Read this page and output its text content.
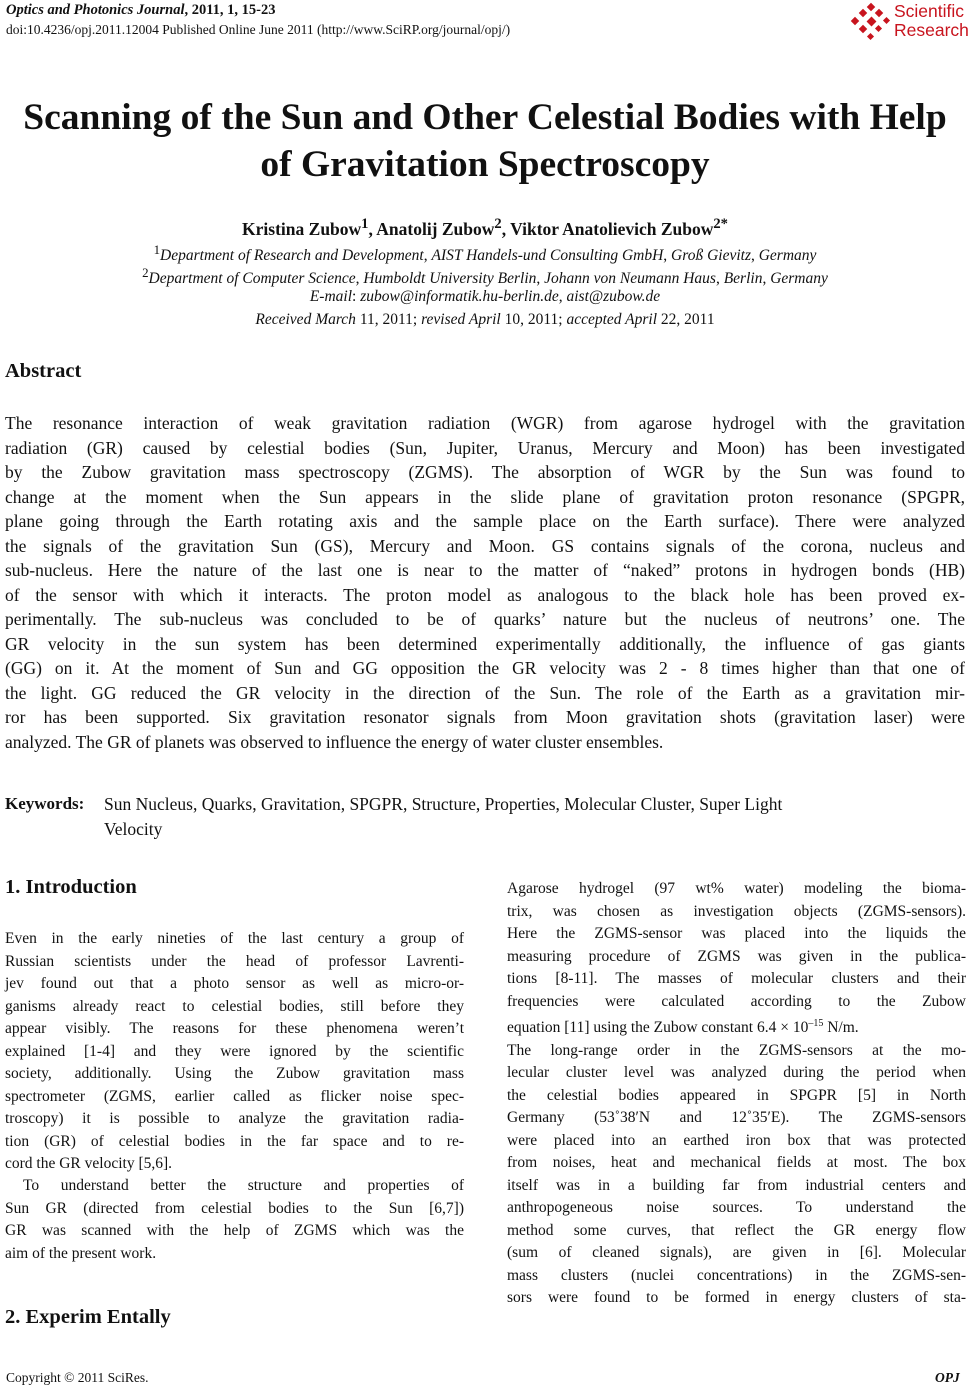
Optics and Photonics Journal, 2011, 1, 15-23
doi:10.4236/opj.2011.12004 Published Online June 2011 (http://www.SciRP.org/journal/opj/)
Scientific
Research
Scanning of the Sun and Other Celestial Bodies with Help
of Gravitation Spectroscopy
Kristina Zubow$^1$, Anatolij Zubow$^2$, Viktor Anatolievich Zubow$^{2*}$
$^1$Department of Research and Development, AIST Handels-und Consulting GmbH, Groß Gievitz, Germany
$^2$Department of Computer Science, Humboldt University Berlin, Johann von Neumann Haus, Berlin, Germany
E-mail: zubow@informatik.hu-berlin.de, aist@zubow.de
Received March 11, 2011; revised April 10, 2011; accepted April 22, 2011
Abstract
The resonance interaction of weak gravitation radiation (WGR) from agarose hydrogel with the gravitation
radiation (GR) caused by celestial bodies (Sun, Jupiter, Uranus, Mercury and Moon) has been investigated
by the Zubow gravitation mass spectroscopy (ZGMS). The absorption of WGR by the Sun was found to
change at the moment when the Sun appears in the slide plane of gravitation proton resonance (SPGPR,
plane going through the Earth rotating axis and the sample place on the Earth surface). There were analyzed
the signals of the gravitation Sun (GS), Mercury and Moon. GS contains signals of the corona, nucleus and
sub-nucleus. Here the nature of the last one is near to the matter of “naked” protons in hydrogen bonds (HB)
of the sensor with which it interacts. The proton model as analogous to the black hole has been proved ex-
perimentally. The sub-nucleus was concluded to be of quarks’ nature but the nucleus of neutrons’ one. The
GR velocity in the sun system has been determined experimentally additionally, the influence of gas giants
(GG) on it. At the moment of Sun and GG opposition the GR velocity was 2 - 8 times higher than that one of
the light. GG reduced the GR velocity in the direction of the Sun. The role of the Earth as a gravitation mir-
ror has been supported. Six gravitation resonator signals from Moon gravitation shots (gravitation laser) were
analyzed. The GR of planets was observed to influence the energy of water cluster ensembles.
Keywords: Sun Nucleus, Quarks, Gravitation, SPGPR, Structure, Properties, Molecular Cluster, Super Light
Velocity
1. Introduction
Even in the early nineties of the last century a group of
Russian scientists under the head of professor Lavrenti-
jev found out that a photo sensor as well as micro-or-
ganisms already react to celestial bodies, still before they
appear visibly. The reasons for these phenomena weren’t
explained [1-4] and they were ignored by the scientific
society, additionally. Using the Zubow gravitation mass
spectrometer (ZGMS, earlier called as flicker noise spec-
troscopy) it is possible to analyze the gravitation radia-
tion (GR) of celestial bodies in the far space and to re-
cord the GR velocity [5,6].
To understand better the structure and properties of
Sun GR (directed from celestial bodies to the Sun [6,7])
GR was scanned with the help of ZGMS which was the
aim of the present work.
2. Experim Entally
Agarose hydrogel (97 wt% water) modeling the bioma-
trix, was chosen as investigation objects (ZGMS-sensors).
Here the ZGMS-sensor was placed into the liquids the
measuring procedure of ZGMS was given in the publica-
tions [8-11]. The masses of molecular clusters and their
frequencies were calculated according to the Zubow
equation [11] using the Zubow constant $6.4 \times 10^{-15}$ N/m.
The long-range order in the ZGMS-sensors at the mo-
lecular cluster level was analyzed during the period when
the celestial bodies appeared in SPGPR [5] in North
Germany (53˚38′N and 12˚35′E). The ZGMS-sensors
were placed into an earthed iron box that was protected
from noises, heat and mechanical fields at most. The box
itself was in a building far from industrial centers and
anthropogeneous noise sources. To understand the
method some curves, that reflect the GR energy flow
(sum of cleaned signals), are given in [6]. Molecular
mass clusters (nuclei concentrations) in the ZGMS-sen-
sors were found to be formed in energy clusters of sta-
Copyright © 2011 SciRes.	OPJ
